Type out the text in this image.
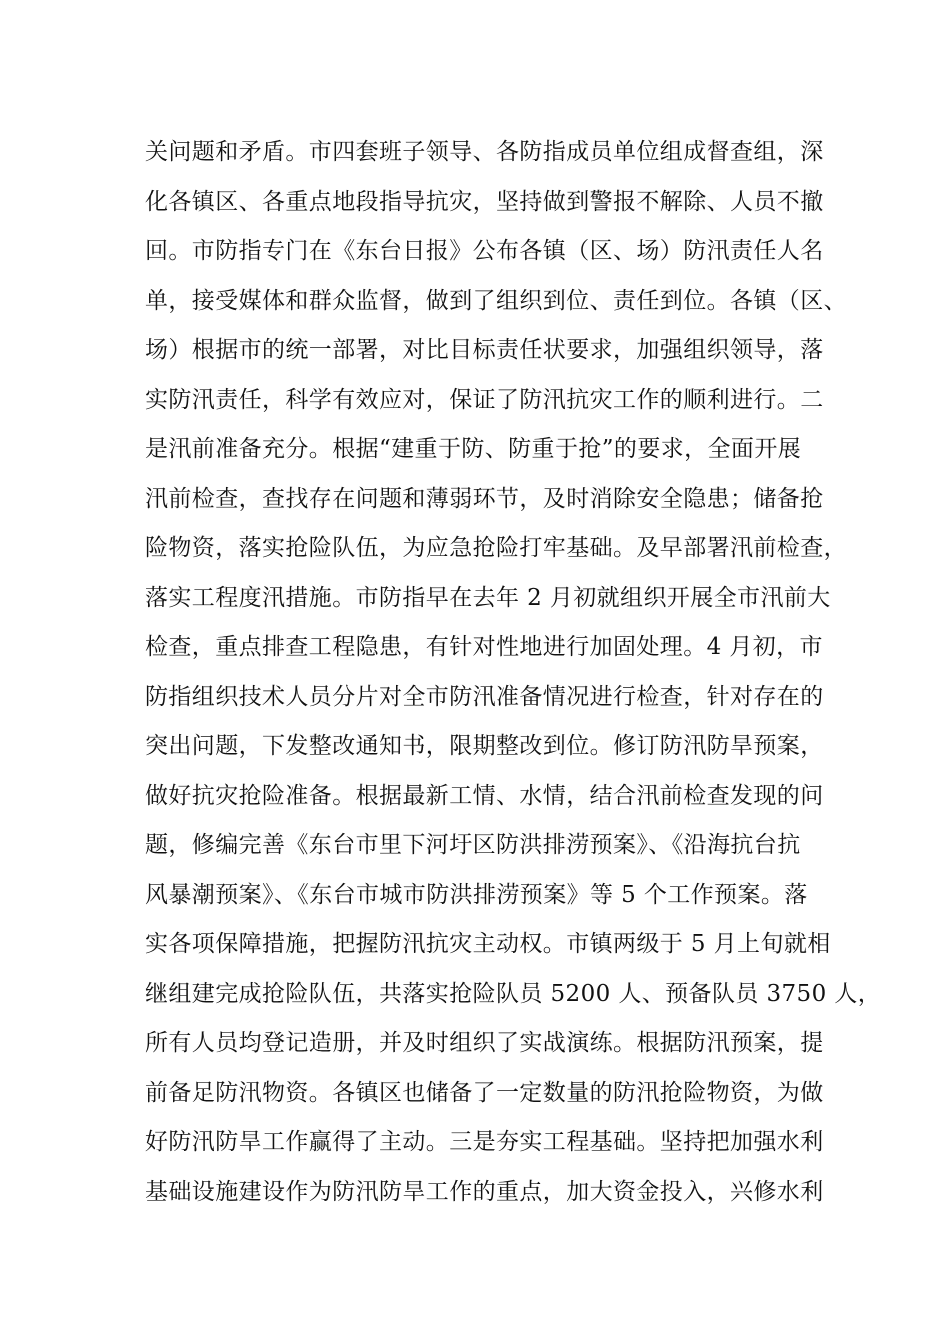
关问题和矛盾。市四套班子领导、各防指成员单位组成督查组，深
化各镇区、各重点地段指导抗灾，坚持做到警报不解除、人员不撤
回。市防指专门在《东台日报》公布各镇（区、场）防汛责任人名
单，接受媒体和群众监督，做到了组织到位、责任到位。各镇（区、
场）根据市的统一部署，对比目标责任状要求，加强组织领导，落
实防汛责任，科学有效应对，保证了防汛抗灾工作的顺利进行。二
是汛前准备充分。根据“建重于防、防重于抢”的要求，全面开展
汛前检查，查找存在问题和薄弱环节，及时消除安全隐患；储备抢
险物资，落实抢险队伍，为应急抢险打牢基础。及早部署汛前检查，
落实工程度汛措施。市防指早在去年 2 月初就组织开展全市汛前大
检查，重点排查工程隐患，有针对性地进行加固处理。4 月初，市
防指组织技术人员分片对全市防汛准备情况进行检查，针对存在的
突出问题，下发整改通知书，限期整改到位。修订防汛防旱预案，
做好抗灾抢险准备。根据最新工情、水情，结合汛前检查发现的问
题，修编完善《东台市里下河圩区防洪排涝预案》、《沿海抗台抗
风暴潮预案》、《东台市城市防洪排涝预案》等 5 个工作预案。落
实各项保障措施，把握防汛抗灾主动权。市镇两级于 5 月上旬就相
继组建完成抢险队伍，共落实抢险队员 5200 人、预备队员 3750 人，
所有人员均登记造册，并及时组织了实战演练。根据防汛预案，提
前备足防汛物资。各镇区也储备了一定数量的防汛抢险物资，为做
好防汛防旱工作赢得了主动。三是夯实工程基础。坚持把加强水利
基础设施建设作为防汛防旱工作的重点，加大资金投入，兴修水利
